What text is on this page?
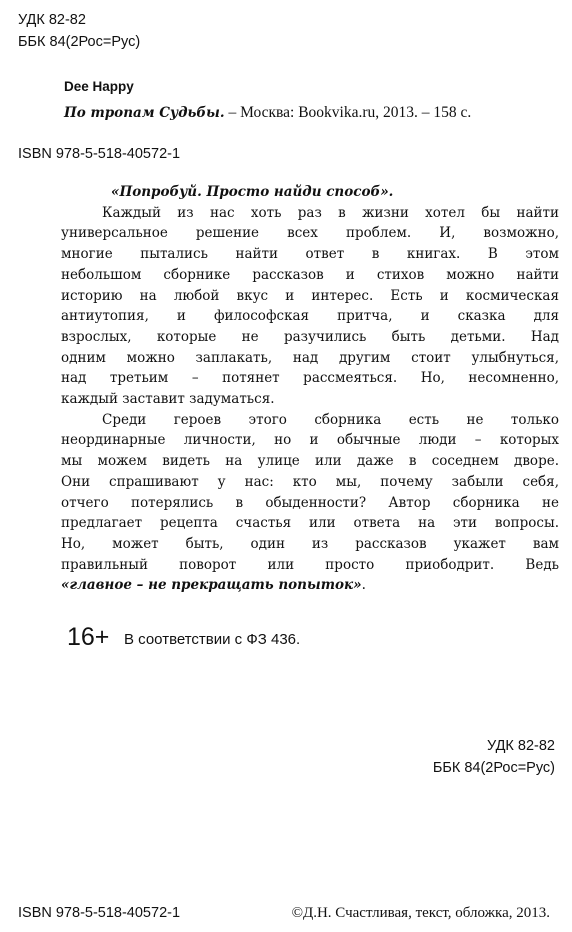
УДК 82-82
ББК 84(2Рос=Рус)
Dee Happy
По тропам Судьбы. – Москва: Bookvika.ru, 2013. – 158 с.
ISBN 978-5-518-40572-1
«Попробуй. Просто найди способ».
Каждый из нас хоть раз в жизни хотел бы найти
универсальное решение всех проблем. И, возможно,
многие пытались найти ответ в книгах. В этом
небольшом сборнике рассказов и стихов можно найти
историю на любой вкус и интерес. Есть и космическая
антиутопия, и философская притча, и сказка для
взрослых, которые не разучились быть детьми. Над
одним можно заплакать, над другим стоит улыбнуться,
над третьим – потянет рассмеяться. Но, несомненно,
каждый заставит задуматься.
Среди героев этого сборника есть не только
неординарные личности, но и обычные люди – которых
мы можем видеть на улице или даже в соседнем дворе.
Они спрашивают у нас: кто мы, почему забыли себя,
отчего потерялись в обыденности? Автор сборника не
предлагает рецепта счастья или ответа на эти вопросы.
Но, может быть, один из рассказов укажет вам
правильный поворот или просто приободрит. Ведь
«главное – не прекращать попыток».
16+ В соответствии с ФЗ 436.
УДК 82-82
ББК 84(2Рос=Рус)
ISBN 978-5-518-40572-1	©Д.Н. Счастливая, текст, обложка, 2013.
